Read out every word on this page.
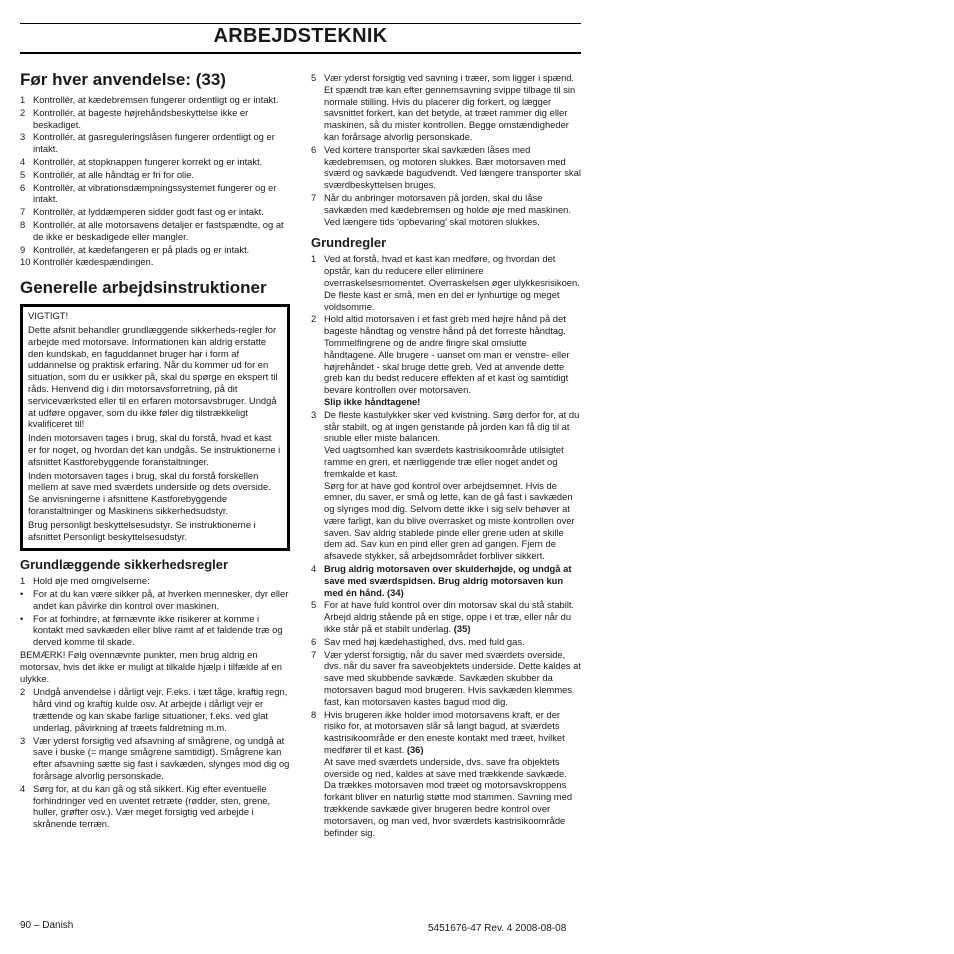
ARBEJDSTEKNIK
Før hver anvendelse: (33)
1 Kontrollér, at kædebremsen fungerer ordentligt og er intakt.
2 Kontrollér, at bageste højrehåndsbeskyttelse ikke er beskadiget.
3 Kontrollér, at gasreguleringslåsen fungerer ordentligt og er intakt.
4 Kontrollér, at stopknappen fungerer korrekt og er intakt.
5 Kontrollér, at alle håndtag er fri for olie.
6 Kontrollér, at vibrationsdæmpningssystemet fungerer og er intakt.
7 Kontrollér, at lyddæmperen sidder godt fast og er intakt.
8 Kontrollér, at alle motorsavens detaljer er fastspændte, og at de ikke er beskadigede eller mangler.
9 Kontrollér, at kædefangeren er på plads og er intakt.
10 Kontrollér kædespændingen.
Generelle arbejdsinstruktioner

VIGTIGT!

Dette afsnit behandler grundlæggende sikkerheds-regler for arbejde med motorsave. Informationen kan aldrig erstatte den kundskab, en faguddannet bruger har i form af uddannelse og praktisk erfaring. Når du kommer ud for en situation, som du er usikker på, skal du spørge en ekspert til råds. Henvend dig i din motorsavsforretning, på dit serviceværksted eller til en erfaren motorsavsbruger. Undgå at udføre opgaver, som du ikke føler dig tilstrækkeligt kvalificeret til!

Inden motorsaven tages i brug, skal du forstå, hvad et kast er for noget, og hvordan det kan undgås. Se instruktionerne i afsnittet Kastforebyggende foranstaltninger.

Inden motorsaven tages i brug, skal du forstå forskellen mellem at save med sværdets underside og dets overside. Se anvisningerne i afsnittene Kastforebyggende foranstaltninger og Maskinens sikkerhedsudstyr.

Brug personligt beskyttelsesudstyr. Se instruktionerne i afsnittet Personligt beskyttelsesudstyr.

Grundlæggende sikkerhedsregler
1 Hold øje med omgivelserne:
• For at du kan være sikker på, at hverken mennesker, dyr eller andet kan påvirke din kontrol over maskinen.
• For at forhindre, at førnævnte ikke risikerer at komme i kontakt med savkæden eller blive ramt af et faldende træ og derved komme til skade.

BEMÆRK! Følg ovennævnte punkter, men brug aldrig en motorsav, hvis det ikke er muligt at tilkalde hjælp i tilfælde af en ulykke.

2 Undgå anvendelse i dårligt vejr. F.eks. i tæt tåge, kraftig regn, hård vind og kraftig kulde osv. At arbejde i dårligt vejr er trættende og kan skabe farlige situationer, f.eks. ved glat underlag, påvirkning af træets faldretning m.m.
3 Vær yderst forsigtig ved afsavning af smågrene, og undgå at save i buske (= mange smågrene samtidigt). Smågrene kan efter afsavning sætte sig fast i savkæden, slynges mod dig og forårsage alvorlig personskade.
4 Sørg for, at du kan gå og stå sikkert. Kig efter eventuelle forhindringer ved en uventet retræte (rødder, sten, grene, huller, grøfter osv.). Vær meget forsigtig ved arbejde i skrånende terræn.
5 Vær yderst forsigtig ved savning i træer, som ligger i spænd. Et spændt træ kan efter gennemsavning svippe tilbage til sin normale stilling. Hvis du placerer dig forkert, og lægger savsnittet forkert, kan det betyde, at træet rammer dig eller maskinen, så du mister kontrollen. Begge omstændigheder kan forårsage alvorlig personskade.
6 Ved kortere transporter skal savkæden låses med kædebremsen, og motoren slukkes. Bær motorsaven med sværd og savkæde bagudvendt. Ved længere transporter skal sværdbeskyttelsen bruges.
7 Når du anbringer motorsaven på jorden, skal du låse savkæden med kædebremsen og holde øje med maskinen. Ved længere tids 'opbevaring' skal motoren slukkes.
Grundregler
1 Ved at forstå, hvad et kast kan medføre, og hvordan det opstår, kan du reducere eller eliminere overraskelsesmomentet. Overraskelsen øger ulykkesrisikoen. De fleste kast er små, men en del er lynhurtige og meget voldsomme.
2 Hold altid motorsaven i et fast greb med højre hånd på det bageste håndtag og venstre hånd på det forreste håndtag. Tommelfingrene og de andre fingre skal omslutte håndtagene. Alle brugere - uanset om man er venstre- eller højrehåndet - skal bruge dette greb. Ved at anvende dette greb kan du bedst reducere effekten af et kast og samtidigt bevare kontrollen over motorsaven.
Slip ikke håndtagene!
3 De fleste kastulykker sker ved kvistning. Sørg derfor for, at du står stabilt, og at ingen genstande på jorden kan få dig til at snuble eller miste balancen.
Ved uagtsomhed kan sværdets kastrisikoområde utilsigtet ramme en gren, et nærliggende træ eller noget andet og fremkalde et kast.
Sørg for at have god kontrol over arbejdsemnet. Hvis de emner, du saver, er små og lette, kan de gå fast i savkæden og slynges mod dig. Selvom dette ikke i sig selv behøver at være farligt, kan du blive overrasket og miste kontrollen over saven. Sav aldrig stablede pinde eller grene uden at skille dem ad. Sav kun en pind eller gren ad gangen. Fjern de afsavede stykker, så arbejdsområdet forbliver sikkert.
4 Brug aldrig motorsaven over skulderhøjde, og undgå at save med sværdspidsen. Brug aldrig motorsaven kun med én hånd. (34)
5 For at have fuld kontrol over din motorsav skal du stå stabilt. Arbejd aldrig stående på en stige, oppe i et træ, eller når du ikke står på et stabilt underlag. (35)
6 Sav med høj kædehastighed, dvs. med fuld gas.
7 Vær yderst forsigtig, når du saver med sværdets overside, dvs. når du saver fra saveobjektets underside. Dette kaldes at save med skubbende savkæde. Savkæden skubber da motorsaven bagud mod brugeren. Hvis savkæden klemmes fast, kan motorsaven kastes bagud mod dig.
8 Hvis brugeren ikke holder imod motorsavens kraft, er der risiko for, at motorsaven slår så langt bagud, at sværdets kastrisikoområde er den eneste kontakt med træet, hvilket medfører til et kast. (36)
At save med sværdets underside, dvs. save fra objektets overside og ned, kaldes at save med trækkende savkæde. Da trækkes motorsaven mod træet og motorsavskroppens forkant bliver en naturlig støtte mod stammen. Savning med trækkende savkæde giver brugeren bedre kontrol over motorsaven, og man ved, hvor sværdets kastrisikoområde befinder sig.
90 – Danish	5451676-47 Rev. 4 2008-08-08
